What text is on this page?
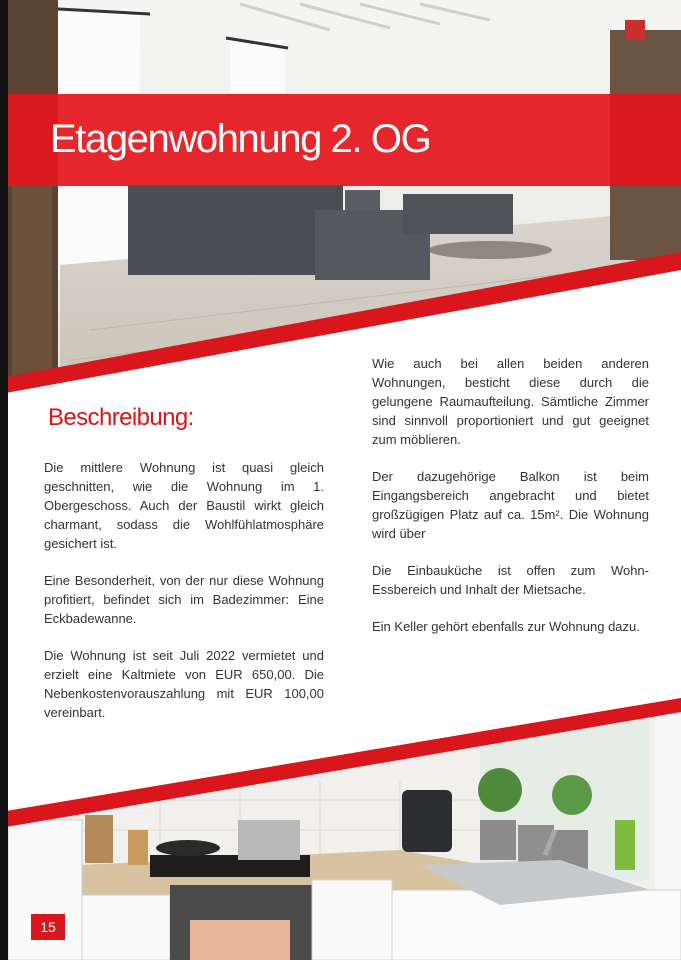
Etagenwohnung 2. OG
Beschreibung:

Die mittlere Wohnung ist quasi gleich geschnitten, wie die Wohnung im 1. Obergeschoss. Auch der Baustil wirkt gleich charmant, sodass die Wohlfühlatmosphäre gesichert ist.

Eine Besonderheit, von der nur diese Wohnung profitiert, befindet sich im Badezimmer: Eine Eckbadewanne.

Die Wohnung ist seit Juli 2022 vermietet und erzielt eine Kaltmiete von EUR 650,00. Die Nebenkostenvorauszahlung mit EUR 100,00 vereinbart.

Wie auch bei allen beiden anderen Wohnungen, besticht diese durch die gelungene Raumaufteilung. Sämtliche Zimmer sind sinnvoll proportioniert und gut geeignet zum möblieren.

Der dazugehörige Balkon ist beim Eingangsbereich angebracht und bietet großzügigen Platz auf ca. 15m². Die Wohnung wird über

Die Einbauküche ist offen zum Wohn- Essbereich und Inhalt der Mietsache.

Ein Keller gehört ebenfalls zur Wohnung dazu.

15
